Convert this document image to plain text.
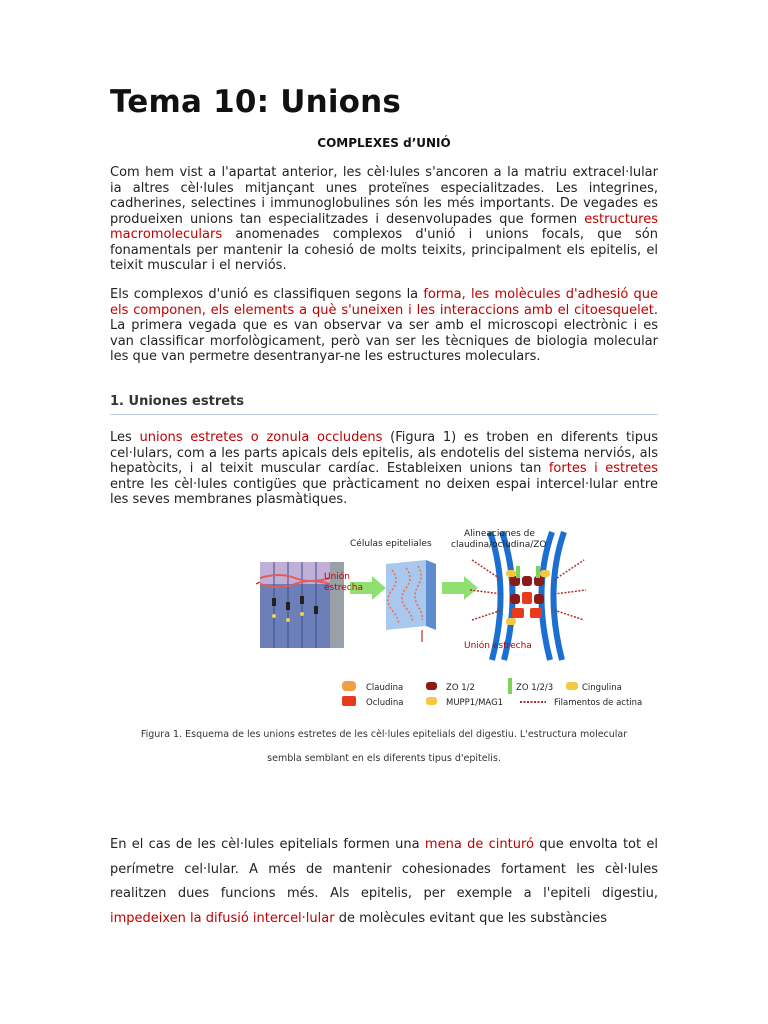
Tema 10: Unions
COMPLEXES d’UNIÓ

Com hem vist a l'apartat anterior, les cèl·lules s'ancoren a la matriu extracel·lular ia altres cèl·lules mitjançant unes proteïnes especialitzades. Les integrines, cadherines, selectines i immunoglobulines són les més importants. De vegades es produeixen unions tan especialitzades i desenvolupades que formen estructures macromoleculars anomenades complexos d'unió i unions focals, que són fonamentals per mantenir la cohesió de molts teixits, principalment els epitelis, el teixit muscular i el nerviós.

Els complexos d'unió es classifiquen segons la forma, les molècules d'adhesió que els componen, els elements a què s'uneixen i les interaccions amb el citoesquelet. La primera vegada que es van observar va ser amb el microscopi electrònic i es van classificar morfològicament, però van ser les tècniques de biologia molecular les que van permetre desentranyar-ne les estructures moleculars.

1. Uniones estrets

Les unions estretes o zonula occludens (Figura 1) es troben en diferents tipus cel·lulars, com a les parts apicals dels epitelis, als endotelis del sistema nerviós, als hepatòcits, i al teixit muscular cardíac. Estableixen unions tan fortes i estretes entre les cèl·lules contigües que pràcticament no deixen espai intercel·lular entre les seves membranes plasmàtiques.

Células epiteliales
Alineaciones de
claudina/ocludina/ZO
Unión
estrecha
Unión estrecha
Claudina
Ocludina
ZO 1/2
MUPP1/MAG1
ZO 1/2/3	Cingulina
Filamentos de actina

Figura 1. Esquema de les unions estretes de les cèl·lules epitelials del digestiu. L'estructura molecular

sembla semblant en els diferents tipus d'epitelis.

En el cas de les cèl·lules epitelials formen una mena de cinturó que envolta tot el perímetre cel·lular. A més de mantenir cohesionades fortament les cèl·lules realitzen dues funcions més. Als epitelis, per exemple a l'epiteli digestiu, impedeixen la difusió intercel·lular de molècules evitant que les substàncies
